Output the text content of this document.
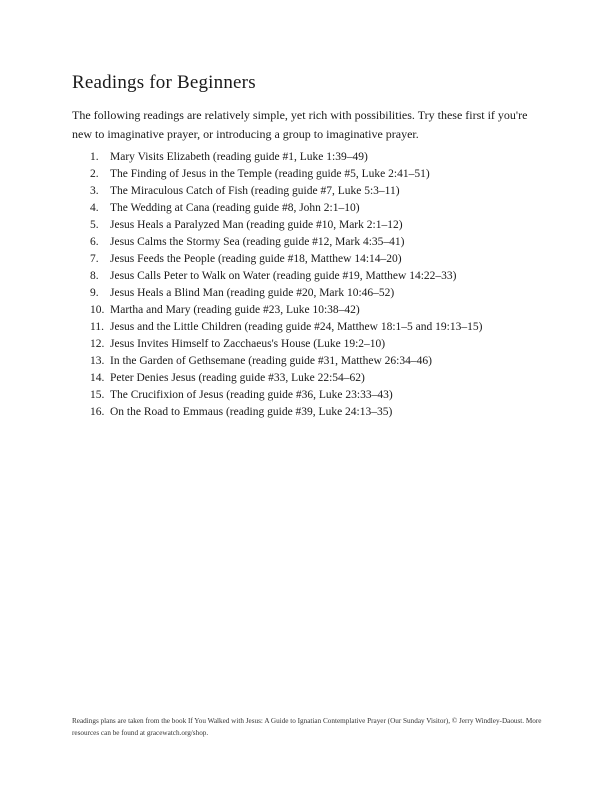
Readings for Beginners

The following readings are relatively simple, yet rich with possibilities. Try these first if you're new to imaginative prayer, or introducing a group to imaginative prayer.

1. Mary Visits Elizabeth (reading guide #1, Luke 1:39–49)
2. The Finding of Jesus in the Temple (reading guide #5, Luke 2:41–51)
3. The Miraculous Catch of Fish (reading guide #7, Luke 5:3–11)
4. The Wedding at Cana (reading guide #8, John 2:1–10)
5. Jesus Heals a Paralyzed Man (reading guide #10, Mark 2:1–12)
6. Jesus Calms the Stormy Sea (reading guide #12, Mark 4:35–41)
7. Jesus Feeds the People (reading guide #18, Matthew 14:14–20)
8. Jesus Calls Peter to Walk on Water (reading guide #19, Matthew 14:22–33)
9. Jesus Heals a Blind Man (reading guide #20, Mark 10:46–52)
10. Martha and Mary (reading guide #23, Luke 10:38–42)
11. Jesus and the Little Children (reading guide #24, Matthew 18:1–5 and 19:13–15)
12. Jesus Invites Himself to Zacchaeus's House (Luke 19:2–10)
13. In the Garden of Gethsemane (reading guide #31, Matthew 26:34–46)
14. Peter Denies Jesus (reading guide #33, Luke 22:54–62)
15. The Crucifixion of Jesus (reading guide #36, Luke 23:33–43)
16. On the Road to Emmaus (reading guide #39, Luke 24:13–35)

Readings plans are taken from the book If You Walked with Jesus: A Guide to Ignatian Contemplative Prayer (Our Sunday Visitor), © Jerry Windley-Daoust. More resources can be found at gracewatch.org/shop.
